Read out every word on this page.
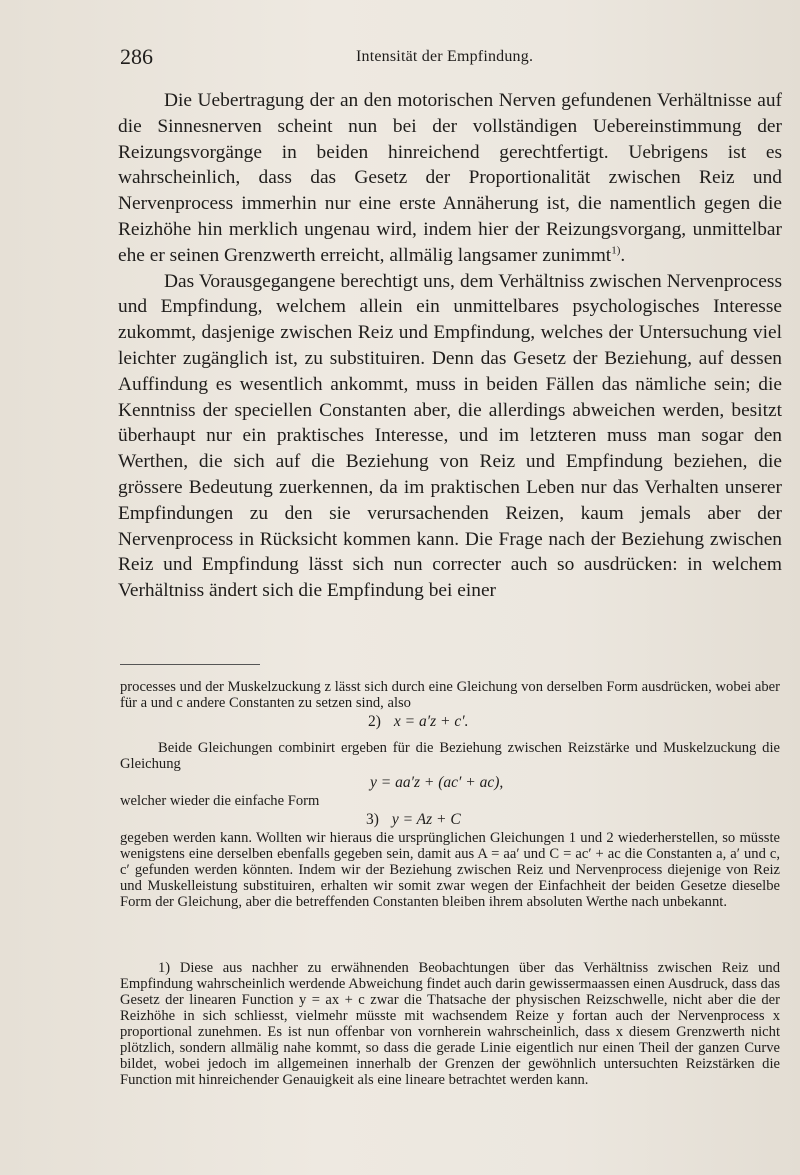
286	Intensität der Empfindung.

Die Uebertragung der an den motorischen Nerven gefundenen Verhältnisse auf die Sinnesnerven scheint nun bei der vollständigen Uebereinstimmung der Reizungsvorgänge in beiden hinreichend gerechtfertigt. Uebrigens ist es wahrscheinlich, dass das Gesetz der Proportionalität zwischen Reiz und Nervenprocess immerhin nur eine erste Annäherung ist, die namentlich gegen die Reizhöhe hin merklich ungenau wird, indem hier der Reizungsvorgang, unmittelbar ehe er seinen Grenzwerth erreicht, allmälig langsamer zunimmt$^{1)}$.

Das Vorausgegangene berechtigt uns, dem Verhältniss zwischen Nervenprocess und Empfindung, welchem allein ein unmittelbares psychologisches Interesse zukommt, dasjenige zwischen Reiz und Empfindung, welches der Untersuchung viel leichter zugänglich ist, zu substituiren. Denn das Gesetz der Beziehung, auf dessen Auffindung es wesentlich ankommt, muss in beiden Fällen das nämliche sein; die Kenntniss der speciellen Constanten aber, die allerdings abweichen werden, besitzt überhaupt nur ein praktisches Interesse, und im letzteren muss man sogar den Werthen, die sich auf die Beziehung von Reiz und Empfindung beziehen, die grössere Bedeutung zuerkennen, da im praktischen Leben nur das Verhalten unserer Empfindungen zu den sie verursachenden Reizen, kaum jemals aber der Nervenprocess in Rücksicht kommen kann. Die Frage nach der Beziehung zwischen Reiz und Empfindung lässt sich nun correcter auch so ausdrücken: in welchem Verhältniss ändert sich die Empfindung bei einer

processes und der Muskelzuckung z lässt sich durch eine Gleichung von derselben Form ausdrücken, wobei aber für a und c andere Constanten zu setzen sind, also

2) x = a′z + c′.

Beide Gleichungen combinirt ergeben für die Beziehung zwischen Reizstärke und Muskelzuckung die Gleichung

y = aa′z + (ac′ + ac),

welcher wieder die einfache Form

3) y = Az + C

gegeben werden kann. Wollten wir hieraus die ursprünglichen Gleichungen 1 und 2 wiederherstellen, so müsste wenigstens eine derselben ebenfalls gegeben sein, damit aus A = aa′ und C = ac′ + ac die Constanten a, a′ und c, c′ gefunden werden könnten. Indem wir der Beziehung zwischen Reiz und Nervenprocess diejenige von Reiz und Muskelleistung substituiren, erhalten wir somit zwar wegen der Einfachheit der beiden Gesetze dieselbe Form der Gleichung, aber die betreffenden Constanten bleiben ihrem absoluten Werthe nach unbekannt.

1) Diese aus nachher zu erwähnenden Beobachtungen über das Verhältniss zwischen Reiz und Empfindung wahrscheinlich werdende Abweichung findet auch darin gewissermaassen einen Ausdruck, dass das Gesetz der linearen Function y = ax + c zwar die Thatsache der physischen Reizschwelle, nicht aber die der Reizhöhe in sich schliesst, vielmehr müsste mit wachsendem Reize y fortan auch der Nervenprocess x proportional zunehmen. Es ist nun offenbar von vornherein wahrscheinlich, dass x diesem Grenzwerth nicht plötzlich, sondern allmälig nahe kommt, so dass die gerade Linie eigentlich nur einen Theil der ganzen Curve bildet, wobei jedoch im allgemeinen innerhalb der Grenzen der gewöhnlich untersuchten Reizstärken die Function mit hinreichender Genauigkeit als eine lineare betrachtet werden kann.
